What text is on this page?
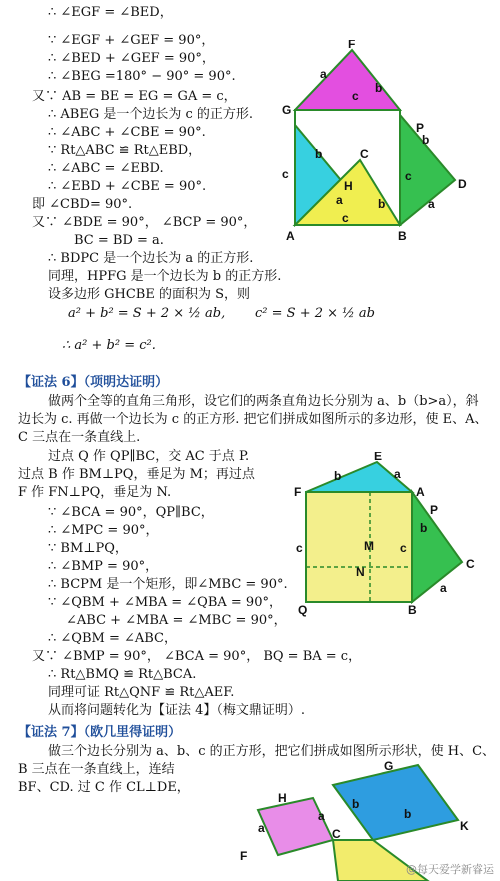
∴ ∠EGF = ∠BED，
∵ ∠EGF + ∠GEF = 90°，
∴ ∠BED + ∠GEF = 90°，
∴ ∠BEG =180° − 90° = 90°.
又∵ AB = BE = EG = GA = c，
∴ ABEG 是一个边长为 c 的正方形.
∴ ∠ABC + ∠CBE = 90°.
∵ Rt△ABC ≌ Rt△EBD，
∴ ∠ABC = ∠EBD.
∴ ∠EBD + ∠CBE = 90°.
即 ∠CBD= 90°.
又∵ ∠BDE = 90°， ∠BCP = 90°，
BC = BD = a.
∴ BDPC 是一个边长为 a 的正方形.
同理，HPFG 是一个边长为 b 的正方形.
设多边形 GHCBE 的面积为 S，则
a² + b² = S + 2 × ½ ab, c² = S + 2 × ½ ab
∴ a² + b² = c².
F
G
P
D
A	B
C
H
c
c	c
c
a
a
a
b
b
b
b
【证法 6】（项明达证明）
做两个全等的直角三角形，设它们的两条直角边长分别为 a、b（b>a），斜
边长为 c. 再做一个边长为 c 的正方形. 把它们拼成如图所示的多边形，使 E、A、
C 三点在一条直线上.
过点 Q 作 QP∥BC，交 AC 于点 P.
过点 B 作 BM⊥PQ，垂足为 M；再过点
F 作 FN⊥PQ，垂足为 N.
∵ ∠BCA = 90°，QP∥BC，
∴ ∠MPC = 90°，
∵ BM⊥PQ，
∴ ∠BMP = 90°，
∴ BCPM 是一个矩形，即∠MBC = 90°.
∵ ∠QBM + ∠MBA = ∠QBA = 90°，
∠ABC + ∠MBA = ∠MBC = 90°，
∴ ∠QBM = ∠ABC，
又∵ ∠BMP = 90°， ∠BCA = 90°， BQ = BA = c，
∴ Rt△BMQ ≌ Rt△BCA.
同理可证 Rt△QNF ≌ Rt△AEF.
从而将问题转化为【证法 4】（梅文鼎证明）.
E
F	A
P
C
M
N
Q	B
b
b
a
a
c	c
【证法 7】（欧几里得证明）
做三个边长分别为 a、b、c 的正方形，把它们拼成如图所示形状，使 H、C、
B 三点在一条直线上，连结
BF、CD. 过 C 作 CL⊥DE，
H
G
K
F
C
a
a
b
b
@每天爱学新睿运
